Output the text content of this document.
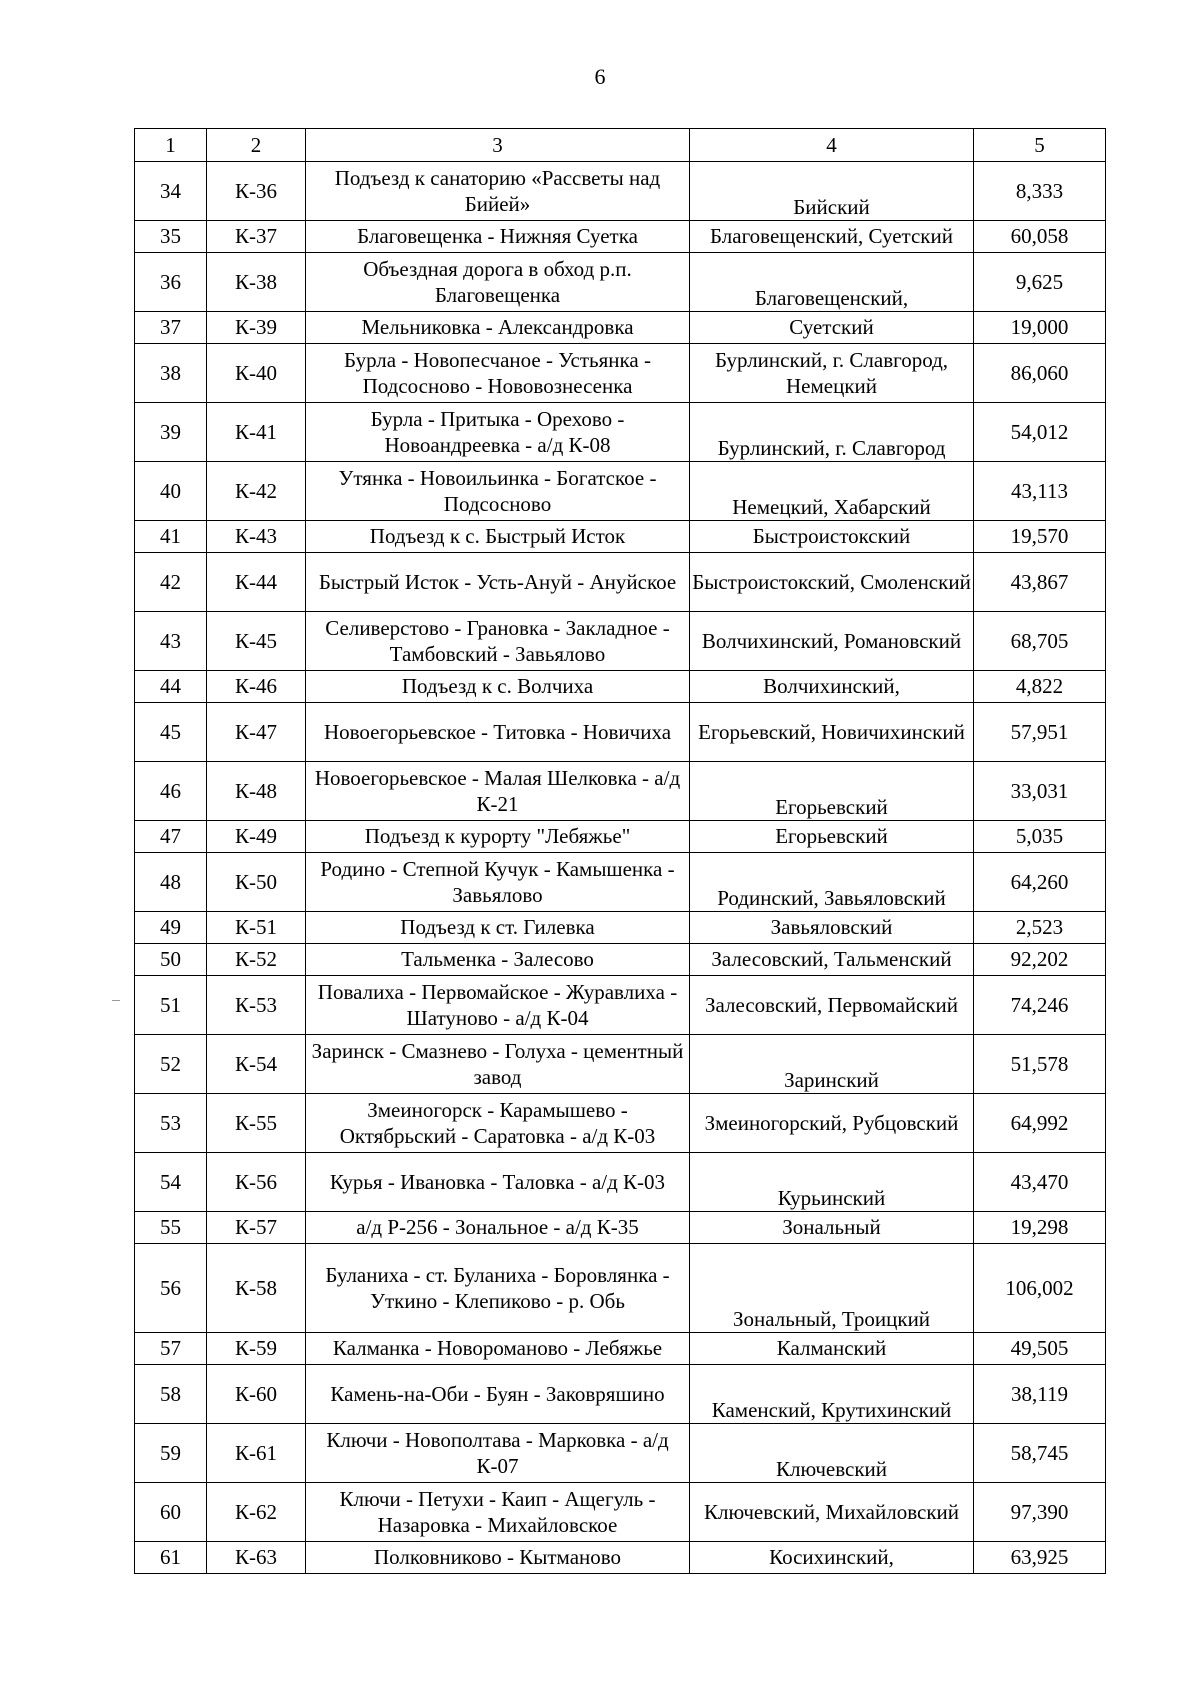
6
1	2	3	4	5
34	К-36	Подъезд к санаторию «Рассветы над Бийей»	Бийский	8,333
35	К-37	Благовещенка - Нижняя Суетка	Благовещенский, Суетский	60,058
36	К-38	Объездная дорога в обход р.п. Благовещенка	Благовещенский,	9,625
37	К-39	Мельниковка - Александровка	Суетский	19,000
38	К-40	Бурла - Новопесчаное - Устьянка - Подсосново - Нововознесенка	Бурлинский, г. Славгород, Немецкий	86,060
39	К-41	Бурла - Притыка - Орехово - Новоандреевка - а/д К-08	Бурлинский, г. Славгород	54,012
40	К-42	Утянка - Новоильинка - Богатское - Подсосново	Немецкий, Хабарский	43,113
41	К-43	Подъезд к с. Быстрый Исток	Быстроистокский	19,570
42	К-44	Быстрый Исток - Усть-Ануй - Ануйское	Быстроистокский, Смоленский	43,867
43	К-45	Селиверстово - Грановка - Закладное - Тамбовский - Завьялово	Волчихинский, Романовский	68,705
44	К-46	Подъезд к с. Волчиха	Волчихинский,	4,822
45	К-47	Новоегорьевское - Титовка - Новичиха	Егорьевский, Новичихинский	57,951
46	К-48	Новоегорьевское - Малая Шелковка - а/д К-21	Егорьевский	33,031
47	К-49	Подъезд к курорту "Лебяжье"	Егорьевский	5,035
48	К-50	Родино - Степной Кучук - Камышенка - Завьялово	Родинский, Завьяловский	64,260
49	К-51	Подъезд к ст. Гилевка	Завьяловский	2,523
50	К-52	Тальменка - Залесово	Залесовский, Тальменский	92,202
51	К-53	Повалиха - Первомайское - Журавлиха - Шатуново - а/д К-04	Залесовский, Первомайский	74,246
52	К-54	Заринск - Смазнево - Голуха - цементный завод	Заринский	51,578
53	К-55	Змеиногорск - Карамышево - Октябрьский - Саратовка - а/д К-03	Змеиногорский, Рубцовский	64,992
54	К-56	Курья - Ивановка - Таловка - а/д К-03	Курьинский	43,470
55	К-57	а/д Р-256 - Зональное - а/д К-35	Зональный	19,298
56	К-58	Буланиха - ст. Буланиха - Боровлянка - Уткино - Клепиково - р. Обь	Зональный, Троицкий	106,002
57	К-59	Калманка - Новороманово - Лебяжье	Калманский	49,505
58	К-60	Камень-на-Оби - Буян - Заковряшино	Каменский, Крутихинский	38,119
59	К-61	Ключи - Новополтава - Марковка - а/д К-07	Ключевский	58,745
60	К-62	Ключи - Петухи - Каип - Ащегуль - Назаровка - Михайловское	Ключевский, Михайловский	97,390
61	К-63	Полковниково - Кытманово	Косихинский,	63,925
